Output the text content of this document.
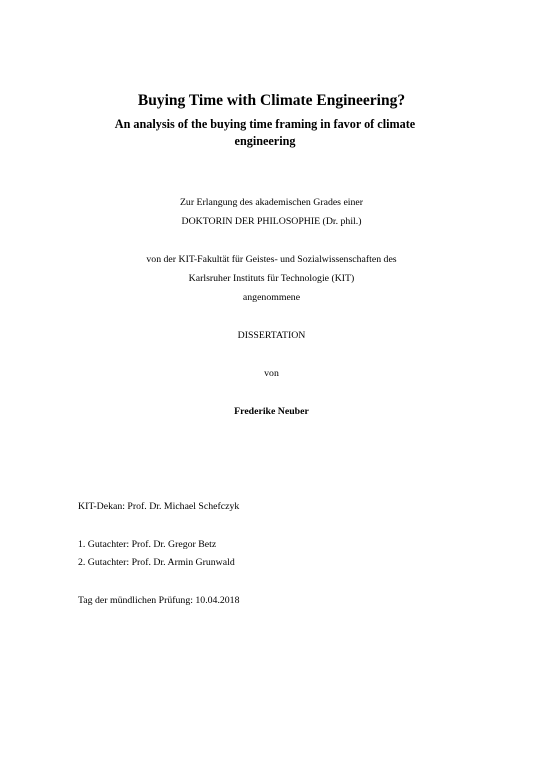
Buying Time with Climate Engineering?
An analysis of the buying time framing in favor of climate engineering
Zur Erlangung des akademischen Grades einer
DOKTORIN DER PHILOSOPHIE (Dr. phil.)
von der KIT-Fakultät für Geistes- und Sozialwissenschaften des
Karlsruher Instituts für Technologie (KIT)
angenommene
DISSERTATION
von
Frederike Neuber
KIT-Dekan: Prof. Dr. Michael Schefczyk
1. Gutachter: Prof. Dr. Gregor Betz
2. Gutachter: Prof. Dr. Armin Grunwald
Tag der mündlichen Prüfung: 10.04.2018
